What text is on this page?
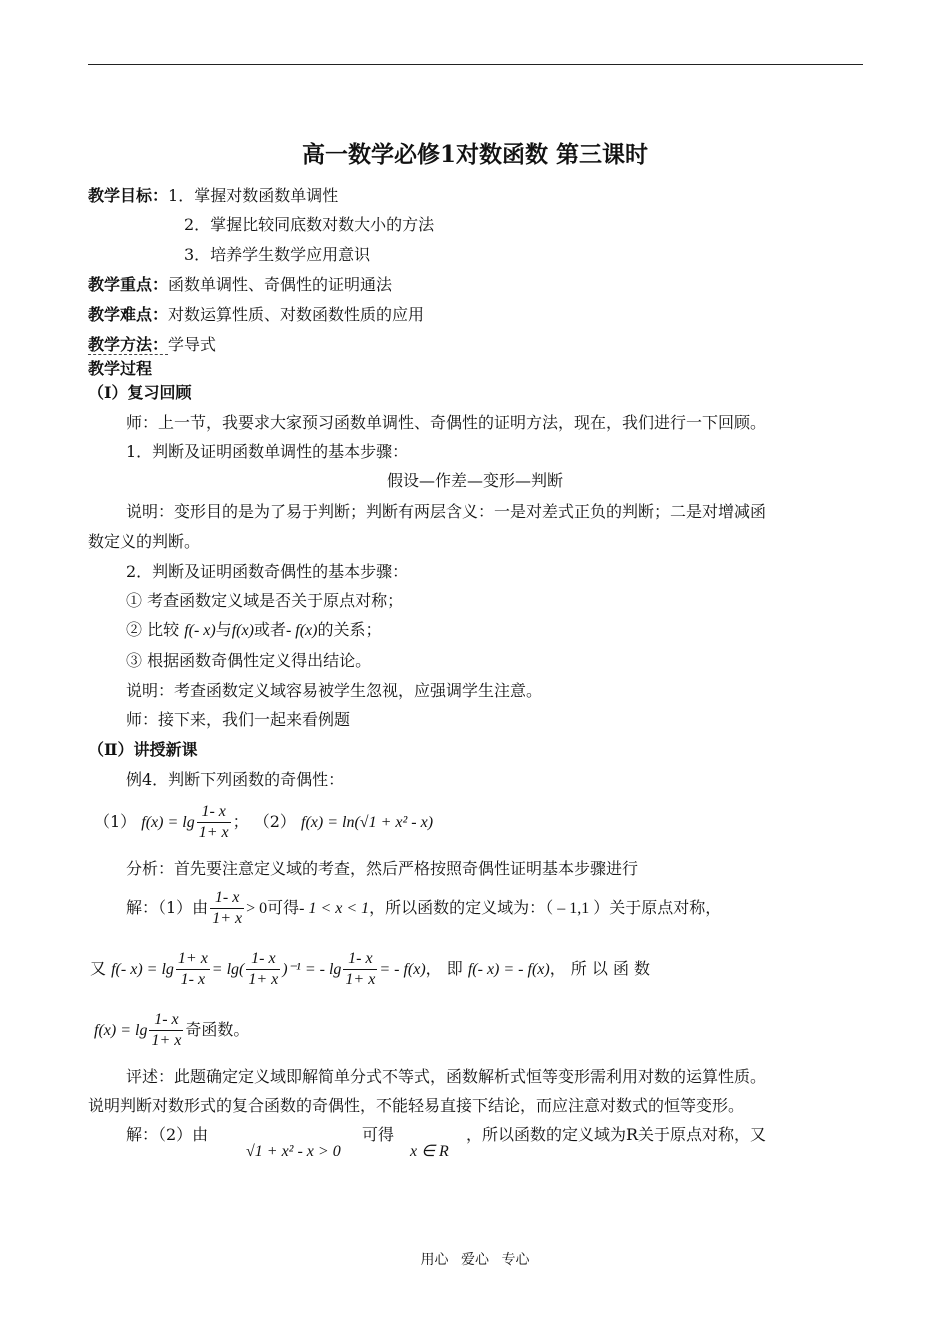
高一数学必修1对数函数 第三课时
教学目标：1．掌握对数函数单调性
2．掌握比较同底数对数大小的方法
3．培养学生数学应用意识
教学重点：函数单调性、奇偶性的证明通法
教学难点：对数运算性质、对数函数性质的应用
教学方法：学导式
教学过程
（I）复习回顾
师：上一节，我要求大家预习函数单调性、奇偶性的证明方法，现在，我们进行一下回顾。
1．判断及证明函数单调性的基本步骤：
假设—作差—变形—判断
说明：变形目的是为了易于判断；判断有两层含义：一是对差式正负的判断；二是对增减函
数定义的判断。
2．判断及证明函数奇偶性的基本步骤：
① 考查函数定义域是否关于原点对称；
② 比较 f(- x)与f(x)或者- f(x)的关系；
③ 根据函数奇偶性定义得出结论。
说明：考查函数定义域容易被学生忽视，应强调学生注意。
师：接下来，我们一起来看例题
（Ⅱ）讲授新课
例4．判断下列函数的奇偶性：
（1） $f(x) = \lg \frac{1- x}{1+ x}$ ； （2） f(x) = ln(√1 + x² - x)
分析：首先要注意定义域的考查，然后严格按照奇偶性证明基本步骤进行
解：（1）由 $\frac{1- x}{1+ x} > 0$可得- 1 < x < 1，所以函数的定义域为：（ – 1,1 ）关于原点对称，
又 f(- $x) = \lg \frac{1+ x}{1- x} = \lg( \frac{1- x}{1+ x} )^{-1}$ = - $\lg \frac{1- x}{1+ x}$ = - f(x)， 即 f(- x) = - f(x)， 所 以 函 数
$f(x) = \lg \frac{1- x}{1+ x}$ 奇函数。
评述：此题确定定义域即解简单分式不等式，函数解析式恒等变形需利用对数的运算性质。
说明判断对数形式的复合函数的奇偶性，不能轻易直接下结论，而应注意对数式的恒等变形。
解：（2）由
√1 + x² - x > 0
可得
x ∈ R
，所以函数的定义域为R关于原点对称，又
用心 爱心 专心
